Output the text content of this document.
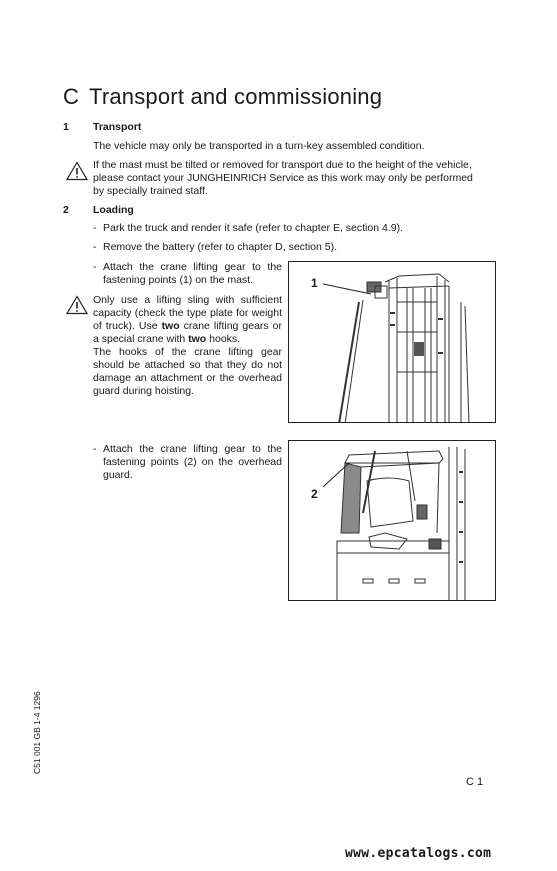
C Transport and commissioning
1 Transport
The vehicle may only be transported in a turn-key assembled condition.
If the mast must be tilted or removed for transport due to the height of the vehicle,
please contact your JUNGHEINRICH Service as this work may only be performed
by specially trained staff.
2 Loading
- Park the truck and render it safe (refer to chapter E, section 4.9).
- Remove the battery (refer to chapter D, section 5).
- Attach the crane lifting gear to the fastening points (1) on the mast.
Only use a lifting sling with sufficient capacity (check the type plate for weight of truck). Use two crane lifting gears or a special crane with two hooks.
The hooks of the crane lifting gear should be attached so that they do not damage an attachment or the overhead guard during hoisting.
- Attach the crane lifting gear to the fastening points (2) on the overhead guard.
1
2
C51 001 GB 1-4 1296
C 1
www.epcatalogs.com
